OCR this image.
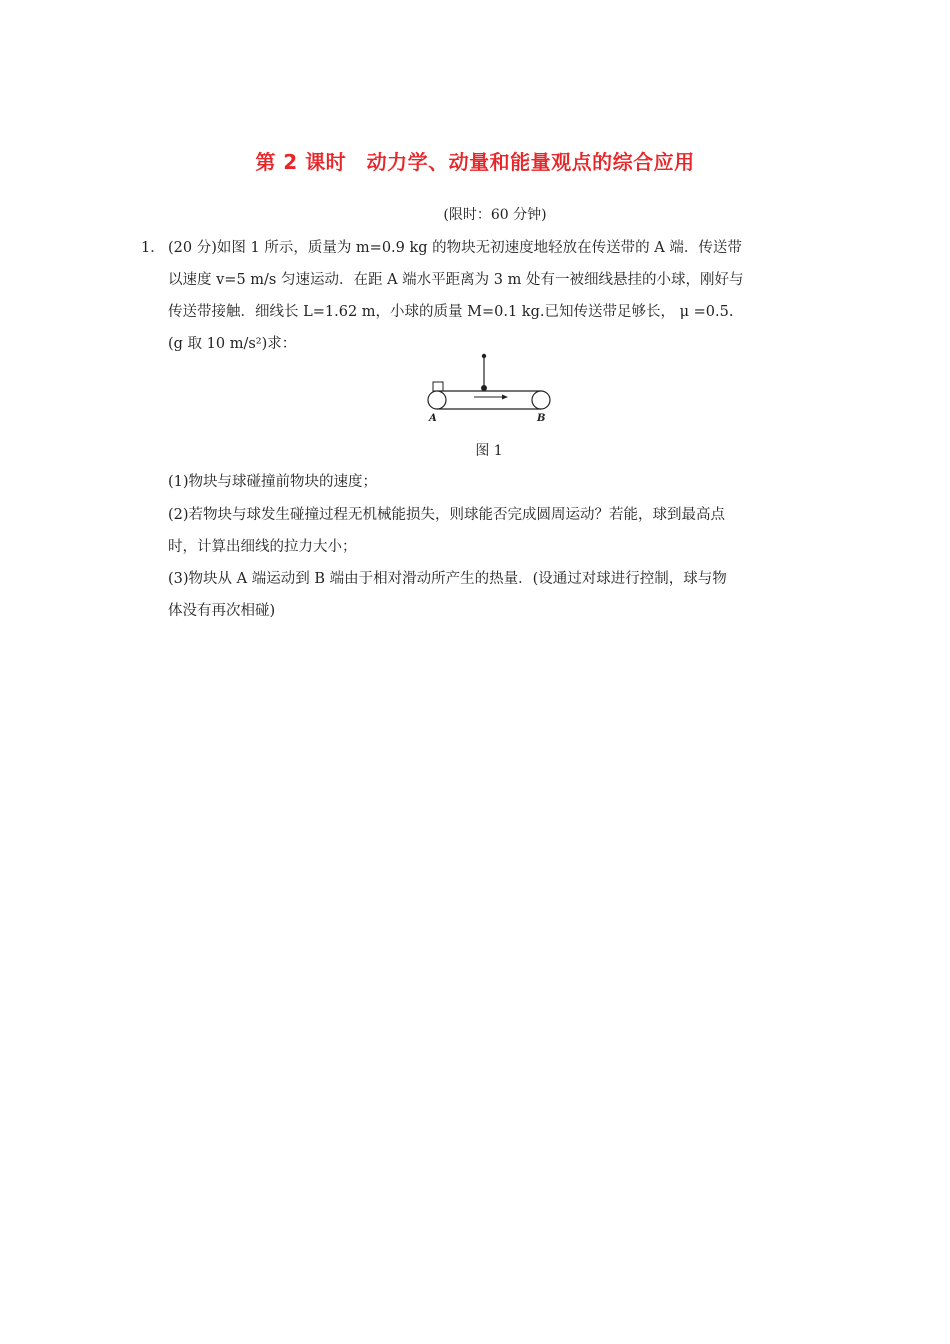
第 2 课时　动力学、动量和能量观点的综合应用
(限时：60 分钟)
1． (20 分)如图 1 所示，质量为 m=0.9 kg 的物块无初速度地轻放在传送带的 A 端．传送带
以速度 v=5 m/s 匀速运动．在距 A 端水平距离为 3 m 处有一被细线悬挂的小球，刚好与
传送带接触．细线长 L=1.62 m，小球的质量 M=0.1 kg.已知传送带足够长， μ =0.5.
(g 取 10 m/s²)求：
A	B
图 1
(1)物块与球碰撞前物块的速度；
(2)若物块与球发生碰撞过程无机械能损失，则球能否完成圆周运动？若能，球到最高点
时，计算出细线的拉力大小；
(3)物块从 A 端运动到 B 端由于相对滑动所产生的热量．(设通过对球进行控制，球与物
体没有再次相碰)
